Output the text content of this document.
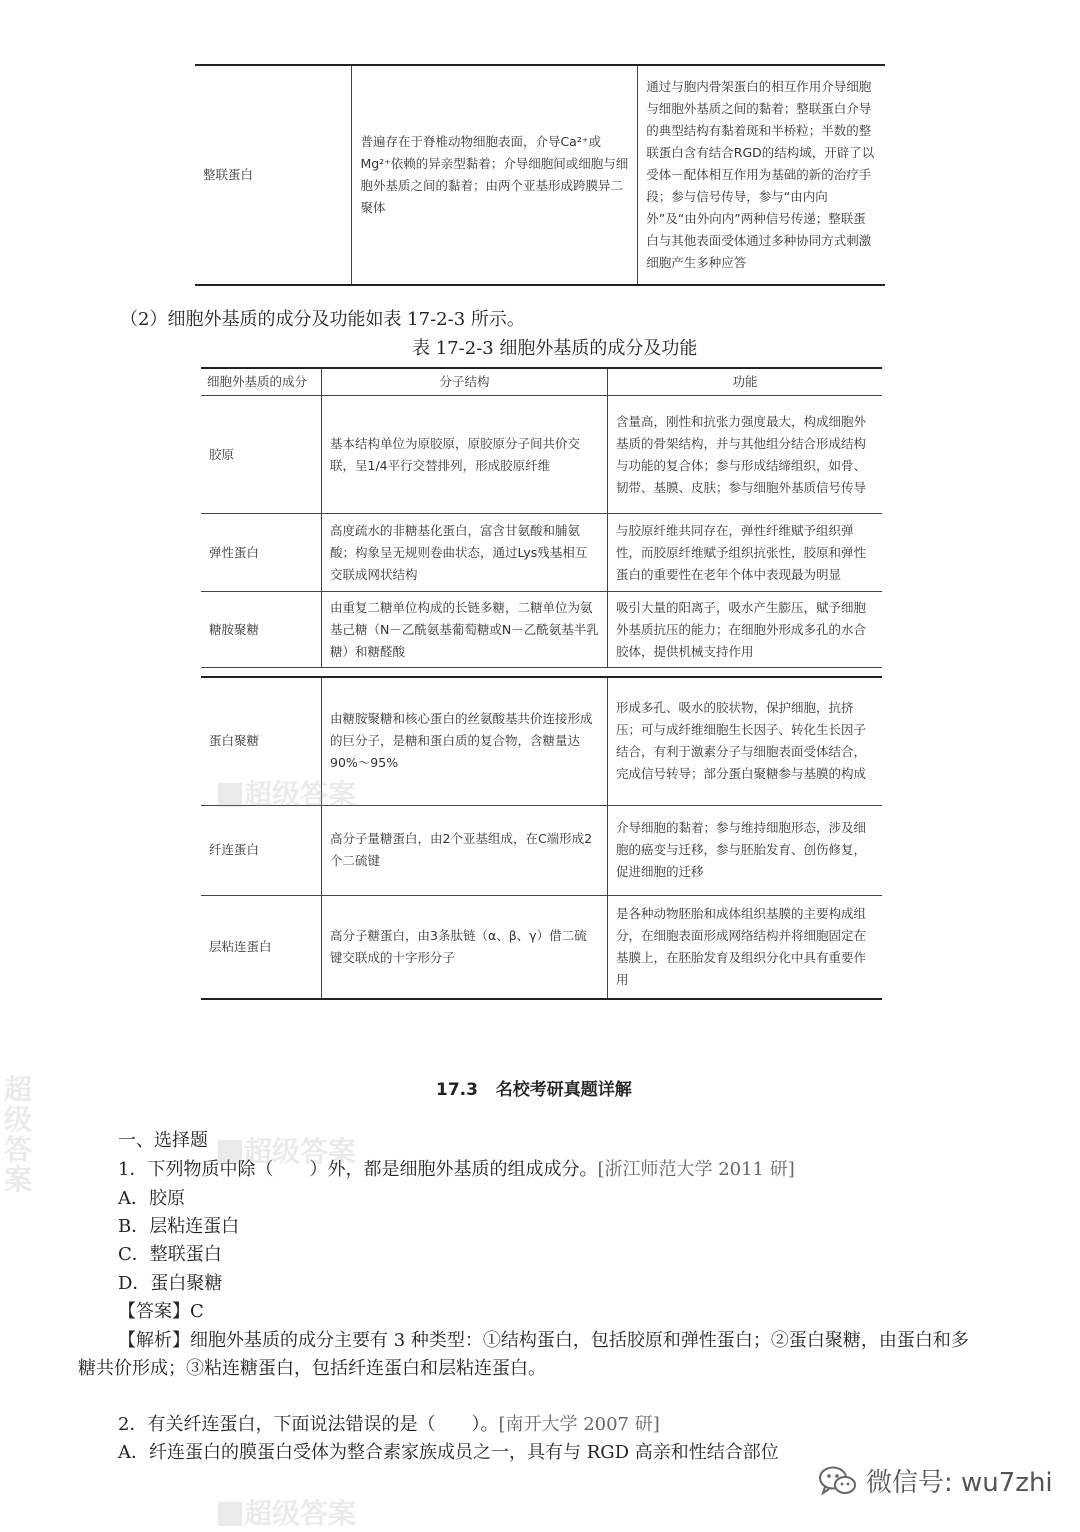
整联蛋白	普遍存在于脊椎动物细胞表面，介导Ca²⁺或Mg²⁺依赖的异亲型黏着；介导细胞间或细胞与细胞外基质之间的黏着；由两个亚基形成跨膜异二聚体	通过与胞内骨架蛋白的相互作用介导细胞与细胞外基质之间的黏着；整联蛋白介导的典型结构有黏着斑和半桥粒；半数的整联蛋白含有结合RGD的结构域，开辟了以受体－配体相互作用为基础的新的治疗手段；参与信号传导，参与“由内向外”及“由外向内”两种信号传递；整联蛋白与其他表面受体通过多种协同方式刺激细胞产生多种应答
（2）细胞外基质的成分及功能如表 17-2-3 所示。
表 17-2-3 细胞外基质的成分及功能
细胞外基质的成分	分子结构	功能
胶原	基本结构单位为原胶原，原胶原分子间共价交联，呈1/4平行交替排列，形成胶原纤维	含量高，刚性和抗张力强度最大，构成细胞外基质的骨架结构，并与其他组分结合形成结构与功能的复合体；参与形成结缔组织，如骨、韧带、基膜、皮肤；参与细胞外基质信号传导
弹性蛋白	高度疏水的非糖基化蛋白，富含甘氨酸和脯氨酸；构象呈无规则卷曲状态，通过Lys残基相互交联成网状结构	与胶原纤维共同存在，弹性纤维赋予组织弹性，而胶原纤维赋予组织抗张性，胶原和弹性蛋白的重要性在老年个体中表现最为明显
糖胺聚糖	由重复二糖单位构成的长链多糖，二糖单位为氨基己糖（N－乙酰氨基葡萄糖或N－乙酰氨基半乳糖）和糖醛酸	吸引大量的阳离子，吸水产生膨压，赋予细胞外基质抗压的能力；在细胞外形成多孔的水合胶体，提供机械支持作用

蛋白聚糖	由糖胺聚糖和核心蛋白的丝氨酸基共价连接形成的巨分子，是糖和蛋白质的复合物，含糖量达90%～95%	形成多孔、吸水的胶状物，保护细胞，抗挤压；可与成纤维细胞生长因子、转化生长因子结合，有利于激素分子与细胞表面受体结合，完成信号转导；部分蛋白聚糖参与基膜的构成
纤连蛋白	高分子量糖蛋白，由2个亚基组成，在C端形成2个二硫键	介导细胞的黏着；参与维持细胞形态，涉及细胞的癌变与迁移，参与胚胎发育、创伤修复，促进细胞的迁移
层粘连蛋白	高分子糖蛋白，由3条肽链（α、β、γ）借二硫键交联成的十字形分子	是各种动物胚胎和成体组织基膜的主要构成组分，在细胞表面形成网络结构并将细胞固定在基膜上，在胚胎发育及组织分化中具有重要作用
17.3 名校考研真题详解
一、选择题
1．下列物质中除（　　）外，都是细胞外基质的组成成分。[浙江师范大学 2011 研]
A．胶原
B．层粘连蛋白
C．整联蛋白
D．蛋白聚糖
【答案】C
【解析】细胞外基质的成分主要有 3 种类型：①结构蛋白，包括胶原和弹性蛋白；②蛋白聚糖，由蛋白和多
糖共价形成；③粘连糖蛋白，包括纤连蛋白和层粘连蛋白。
2．有关纤连蛋白，下面说法错误的是（　　）。[南开大学 2007 研]
A．纤连蛋白的膜蛋白受体为整合素家族成员之一，具有与 RGD 高亲和性结合部位
超级答案
超级答案
超级答案
超级答案
微信号: wu7zhi
